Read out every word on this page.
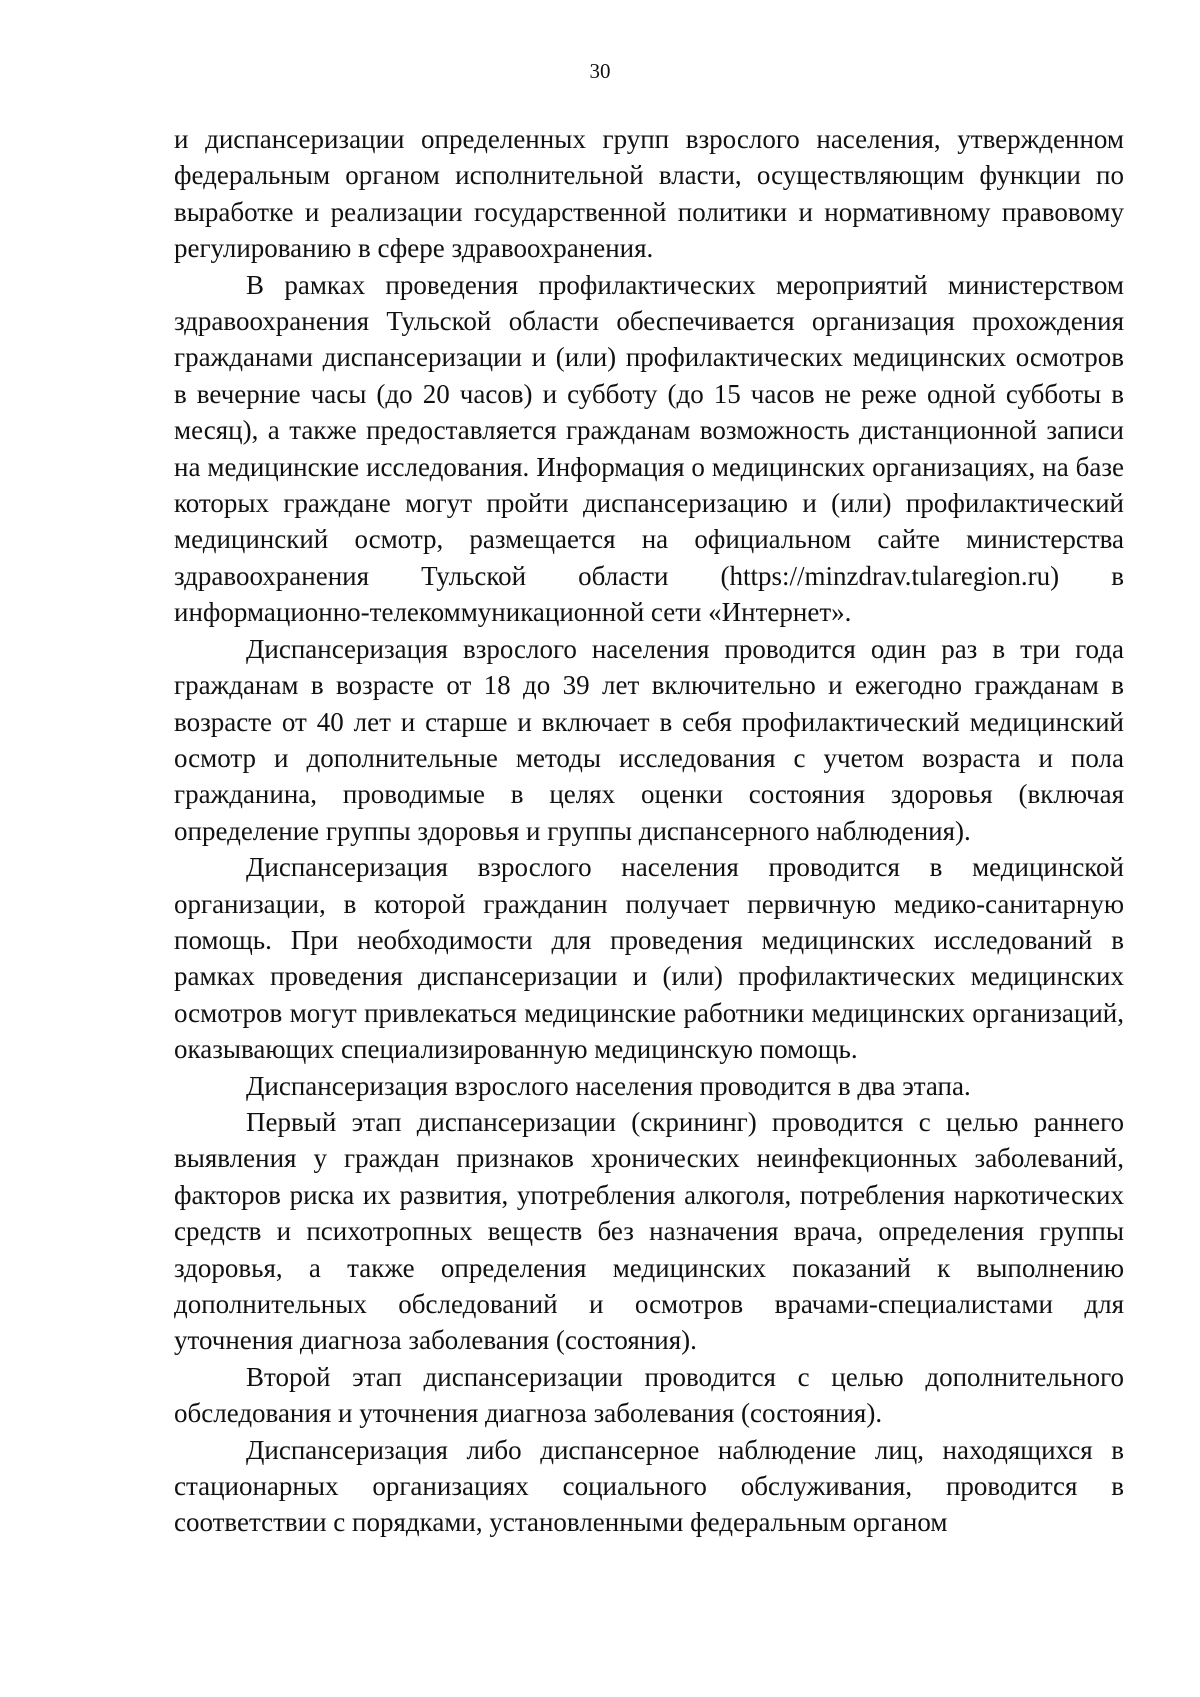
30

и диспансеризации определенных групп взрослого населения, утвержденном федеральным органом исполнительной власти, осуществляющим функции по выработке и реализации государственной политики и нормативному правовому регулированию в сфере здравоохранения.

В рамках проведения профилактических мероприятий министерством здравоохранения Тульской области обеспечивается организация прохождения гражданами диспансеризации и (или) профилактических медицинских осмотров в вечерние часы (до 20 часов) и субботу (до 15 часов не реже одной субботы в месяц), а также предоставляется гражданам возможность дистанционной записи на медицинские исследования. Информация о медицинских организациях, на базе которых граждане могут пройти диспансеризацию и (или) профилактический медицинский осмотр, размещается на официальном сайте министерства здравоохранения Тульской области (https://minzdrav.tularegion.ru) в информационно-телекоммуникационной сети «Интернет».

Диспансеризация взрослого населения проводится один раз в три года гражданам в возрасте от 18 до 39 лет включительно и ежегодно гражданам в возрасте от 40 лет и старше и включает в себя профилактический медицинский осмотр и дополнительные методы исследования с учетом возраста и пола гражданина, проводимые в целях оценки состояния здоровья (включая определение группы здоровья и группы диспансерного наблюдения).

Диспансеризация взрослого населения проводится в медицинской организации, в которой гражданин получает первичную медико-санитарную помощь. При необходимости для проведения медицинских исследований в рамках проведения диспансеризации и (или) профилактических медицинских осмотров могут привлекаться медицинские работники медицинских организаций, оказывающих специализированную медицинскую помощь.

Диспансеризация взрослого населения проводится в два этапа.

Первый этап диспансеризации (скрининг) проводится с целью раннего выявления у граждан признаков хронических неинфекционных заболеваний, факторов риска их развития, употребления алкоголя, потребления наркотических средств и психотропных веществ без назначения врача, определения группы здоровья, а также определения медицинских показаний к выполнению дополнительных обследований и осмотров врачами-специалистами для уточнения диагноза заболевания (состояния).

Второй этап диспансеризации проводится с целью дополнительного обследования и уточнения диагноза заболевания (состояния).

Диспансеризация либо диспансерное наблюдение лиц, находящихся в стационарных организациях социального обслуживания, проводится в соответствии с порядками, установленными федеральным органом
